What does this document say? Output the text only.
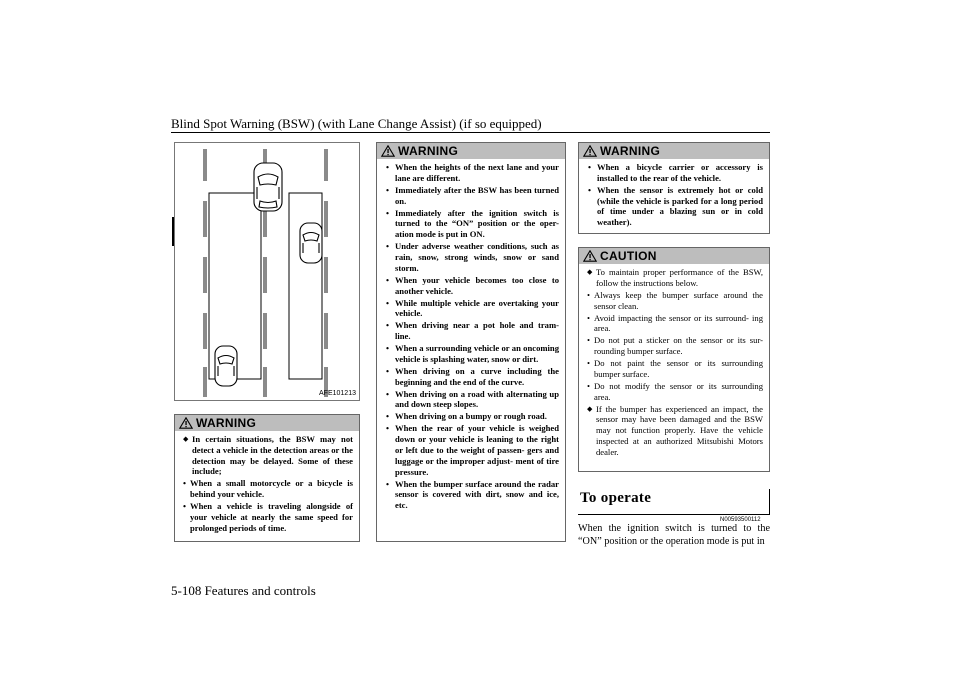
Blind Spot Warning (BSW) (with Lane Change Assist) (if so equipped)
AFE101213
WARNING
◆ In certain situations, the BSW may not detect a vehicle in the detection areas or the detection may be delayed. Some of these include;
• When a small motorcycle or a bicycle is behind your vehicle.
• When a vehicle is traveling alongside of your vehicle at nearly the same speed for prolonged periods of time.
WARNING
• When the heights of the next lane and your lane are different.
• Immediately after the BSW has been turned on.
• Immediately after the ignition switch is turned to the “ON” position or the oper- ation mode is put in ON.
• Under adverse weather conditions, such as rain, snow, strong winds, snow or sand storm.
• When your vehicle becomes too close to another vehicle.
• While multiple vehicle are overtaking your vehicle.
• When driving near a pot hole and tram- line.
• When a surrounding vehicle or an oncoming vehicle is splashing water, snow or dirt.
• When driving on a curve including the beginning and the end of the curve.
• When driving on a road with alternating up and down steep slopes.
• When driving on a bumpy or rough road.
• When the rear of your vehicle is weighed down or your vehicle is leaning to the right or left due to the weight of passen- gers and luggage or the improper adjust- ment of tire pressure.
• When the bumper surface around the radar sensor is covered with dirt, snow and ice, etc.
WARNING
• When a bicycle carrier or accessory is installed to the rear of the vehicle.
• When the sensor is extremely hot or cold (while the vehicle is parked for a long period of time under a blazing sun or in cold weather).
CAUTION
◆ To maintain proper performance of the BSW, follow the instructions below.
• Always keep the bumper surface around the sensor clean.
• Avoid impacting the sensor or its surround- ing area.
• Do not put a sticker on the sensor or its sur- rounding bumper surface.
• Do not paint the sensor or its surrounding bumper surface.
• Do not modify the sensor or its surrounding area.
◆ If the bumper has experienced an impact, the sensor may have been damaged and the BSW may not function properly. Have the vehicle inspected at an authorized Mitsubishi Motors dealer.
To operate
N00593500112
When the ignition switch is turned to the “ON” position or the operation mode is put in
5-108 Features and controls
